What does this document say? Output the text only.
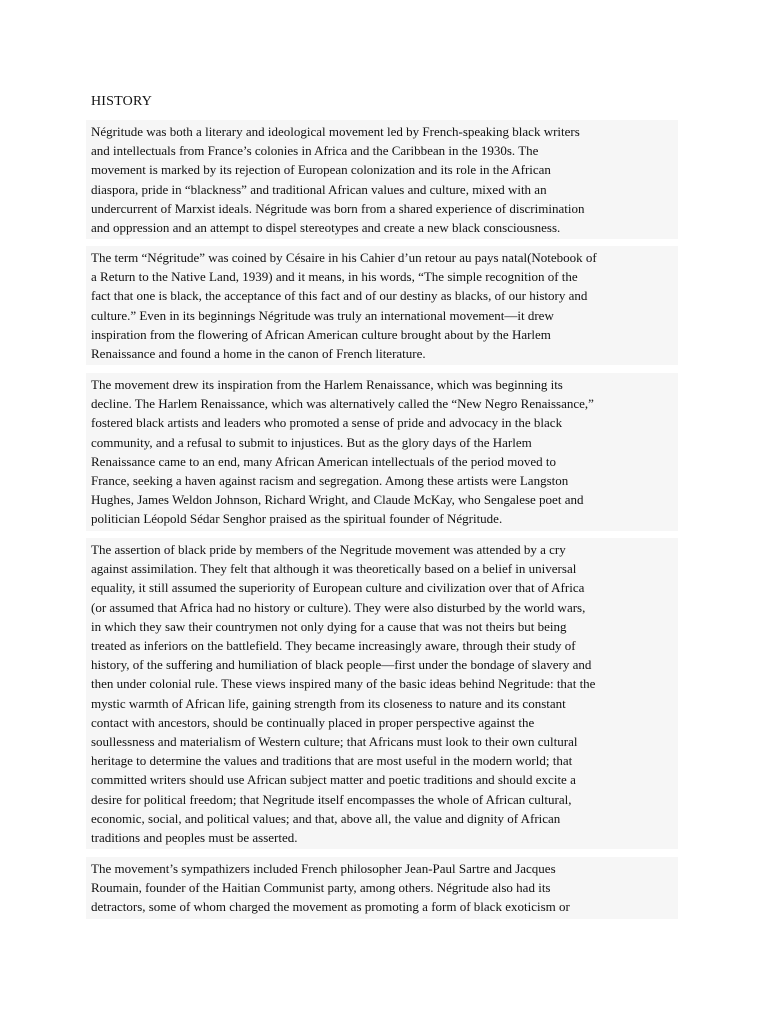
HISTORY
Négritude was both a literary and ideological movement led by French-speaking black writers
and intellectuals from France’s colonies in Africa and the Caribbean in the 1930s. The
movement is marked by its rejection of European colonization and its role in the African
diaspora, pride in “blackness” and traditional African values and culture, mixed with an
undercurrent of Marxist ideals. Négritude was born from a shared experience of discrimination
and oppression and an attempt to dispel stereotypes and create a new black consciousness.
The term “Négritude” was coined by Césaire in his Cahier d’un retour au pays natal(Notebook of
a Return to the Native Land, 1939) and it means, in his words, “The simple recognition of the
fact that one is black, the acceptance of this fact and of our destiny as blacks, of our history and
culture.” Even in its beginnings Négritude was truly an international movement—it drew
inspiration from the flowering of African American culture brought about by the Harlem
Renaissance and found a home in the canon of French literature.
The movement drew its inspiration from the Harlem Renaissance, which was beginning its
decline. The Harlem Renaissance, which was alternatively called the “New Negro Renaissance,”
fostered black artists and leaders who promoted a sense of pride and advocacy in the black
community, and a refusal to submit to injustices. But as the glory days of the Harlem
Renaissance came to an end, many African American intellectuals of the period moved to
France, seeking a haven against racism and segregation. Among these artists were Langston
Hughes, James Weldon Johnson, Richard Wright, and Claude McKay, who Sengalese poet and
politician Léopold Sédar Senghor praised as the spiritual founder of Négritude.
The assertion of black pride by members of the Negritude movement was attended by a cry
against assimilation. They felt that although it was theoretically based on a belief in universal
equality, it still assumed the superiority of European culture and civilization over that of Africa
(or assumed that Africa had no history or culture). They were also disturbed by the world wars,
in which they saw their countrymen not only dying for a cause that was not theirs but being
treated as inferiors on the battlefield. They became increasingly aware, through their study of
history, of the suffering and humiliation of black people—first under the bondage of slavery and
then under colonial rule. These views inspired many of the basic ideas behind Negritude: that the
mystic warmth of African life, gaining strength from its closeness to nature and its constant
contact with ancestors, should be continually placed in proper perspective against the
soullessness and materialism of Western culture; that Africans must look to their own cultural
heritage to determine the values and traditions that are most useful in the modern world; that
committed writers should use African subject matter and poetic traditions and should excite a
desire for political freedom; that Negritude itself encompasses the whole of African cultural,
economic, social, and political values; and that, above all, the value and dignity of African
traditions and peoples must be asserted.
The movement’s sympathizers included French philosopher Jean-Paul Sartre and Jacques
Roumain, founder of the Haitian Communist party, among others. Négritude also had its
detractors, some of whom charged the movement as promoting a form of black exoticism or
